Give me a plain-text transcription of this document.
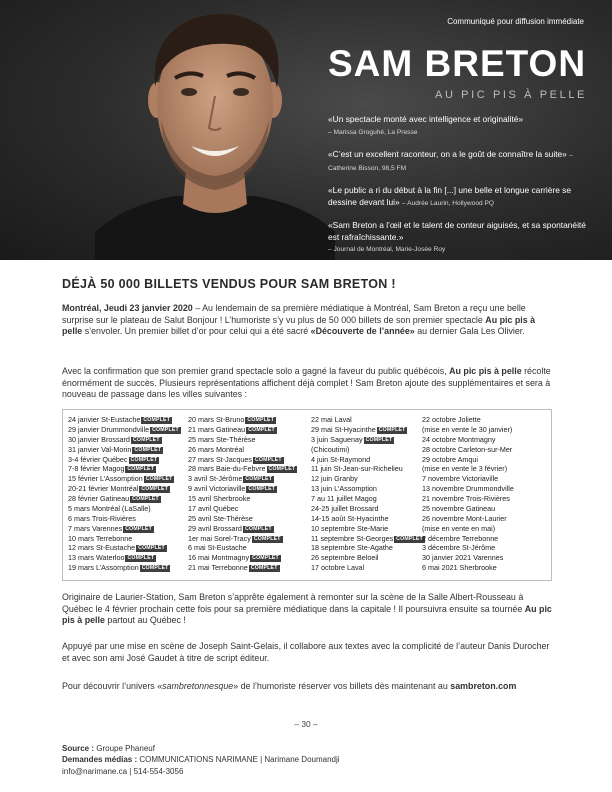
Communiqué pour diffusion immédiate
SAM BRETON
AU PIC PIS À PELLE

«Un spectacle monté avec intelligence et originalité»
– Marissa Groguhé, La Presse

«C’est un excellent raconteur, on a le goût de connaître la suite» – Catherine Bisson, 98,5 FM

«Le public a ri du début à la fin [...] une belle et longue carrière se dessine devant lui» – Audrée Laurin, Hollywood PQ

«Sam Breton a l’œil et le talent de conteur aiguisés, et sa spontanéité est rafraîchissante.»
– Journal de Montréal, Marie-Josée Roy

DÉJÀ 50 000 BILLETS VENDUS POUR SAM BRETON !

Montréal, Jeudi 23 janvier 2020 – Au lendemain de sa première médiatique à Montréal, Sam Breton a reçu une belle surprise sur le plateau de Salut Bonjour ! L’humoriste s’y vu plus de 50 000 billets de son premier spectacle Au pic pis à pelle s’envoler. Un premier billet d’or pour celui qui a été sacré «Découverte de l’année» au dernier Gala Les Olivier.

Avec la confirmation que son premier grand spectacle solo a gagné la faveur du public québécois, Au pic pis à pelle récolte énormément de succès. Plusieurs représentations affichent déjà complet ! Sam Breton ajoute des supplémentaires et sera à nouveau de passage dans les villes suivantes :

24 janvier St-Eustache COMPLET
29 janvier Drummondville COMPLET
30 janvier Brossard COMPLET
31 janvier Val-Morin COMPLET
3-4 février Québec COMPLET
7-8 février Magog COMPLET
15 février L’Assomption COMPLET
20-21 février Montréal COMPLET
28 février Gatineau COMPLET
5 mars Montréal (LaSalle)
6 mars Trois-Rivières
7 mars Varennes COMPLET
10 mars Terrebonne
12 mars St-Eustache COMPLET
13 mars Waterloo COMPLET
19 mars L’Assomption COMPLET
20 mars St-Bruno COMPLET
21 mars Gatineau COMPLET
25 mars Ste-Thérèse
26 mars Montréal
27 mars St-Jacques COMPLET
28 mars Baie-du-Febvre COMPLET
3 avril St-Jérôme COMPLET
9 avril Victoriaville COMPLET
15 avril Sherbrooke
17 avril Québec
25 avril Ste-Thérèse
29 avril Brossard COMPLET
1er mai Sorel-Tracy COMPLET
6 mai St-Eustache
16 mai Montmagny COMPLET
21 mai Terrebonne COMPLET
22 mai Laval
29 mai St-Hyacinthe COMPLET
3 juin Saguenay COMPLET
(Chicoutimi)
4 juin St-Raymond
11 juin St-Jean-sur-Richelieu
12 juin Granby
13 juin L’Assomption
7 au 11 juillet Magog
24-25 juillet Brossard
14-15 août St-Hyacinthe
10 septembre Ste-Marie
11 septembre St-Georges COMPLET
18 septembre Ste-Agathe
26 septembre Beloeil
17 octobre Laval
22 octobre Joliette
(mise en vente le 30 janvier)
24 octobre Montmagny
28 octobre Carleton-sur-Mer
29 octobre Amqui
(mise en vente le 3 février)
7 novembre Victoriaville
13 novembre Drummondville
21 novembre Trois-Rivières
25 novembre Gatineau
26 novembre Mont-Laurier
(mise en vente en mai)
2 décembre Terrebonne
3 décembre St-Jérôme
30 janvier 2021 Varennes
6 mai 2021 Sherbrooke

Originaire de Laurier-Station, Sam Breton s’apprête également à remonter sur la scène de la Salle Albert-Rousseau à Québec le 4 février prochain cette fois pour sa première médiatique dans la capitale ! Il poursuivra ensuite sa tournée Au pic pis à pelle partout au Québec !

Appuyé par une mise en scène de Joseph Saint-Gelais, il collabore aux textes avec la complicité de l’auteur Danis Durocher et avec son ami José Gaudet à titre de script éditeur.

Pour découvrir l’univers «sambretonnesque» de l’humoriste réserver vos billets dès maintenant au sambreton.com

– 30 –
Source : Groupe Phaneuf
Demandes médias : COMMUNICATIONS NARIMANE | Narimane Doumandji
info@narimane.ca | 514-554-3056
